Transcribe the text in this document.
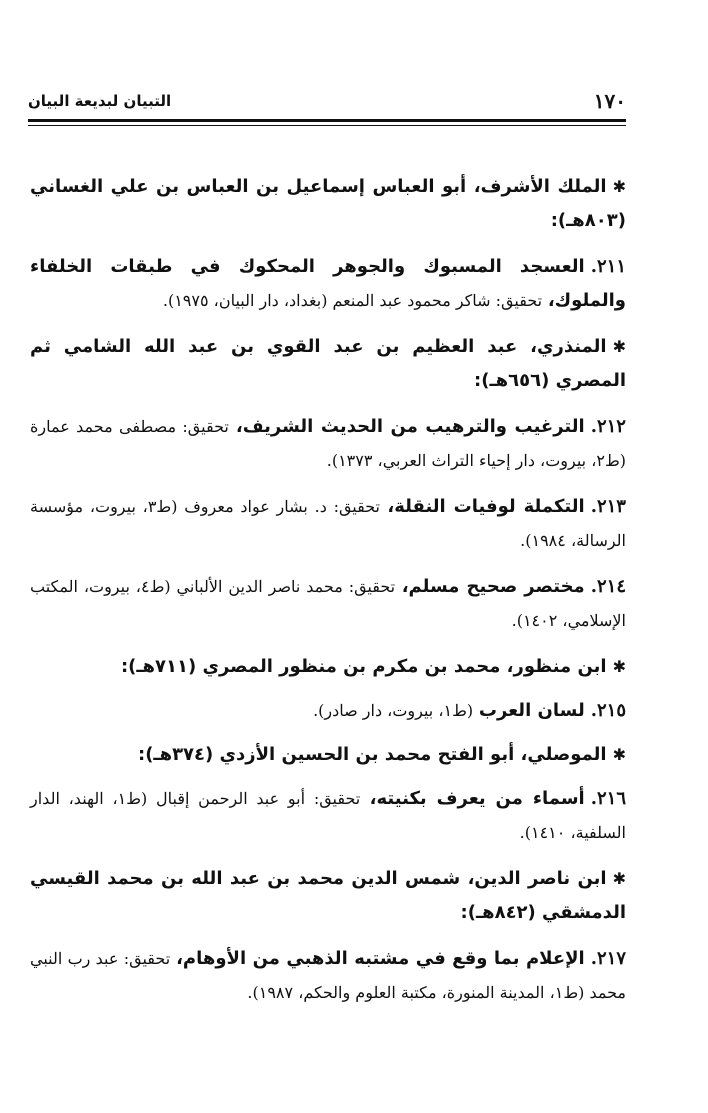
١٧٠
التبيان لبديعة البيان
✱الملك الأشرف، أبو العباس إسماعيل بن العباس بن علي الغساني (٨٠٣هـ):
٢١١.العسجد المسبوك والجوهر المحكوك في طبقات الخلفاء والملوك، تحقيق: شاكر محمود عبد المنعم (بغداد، دار البيان، ١٩٧٥).
✱المنذري، عبد العظيم بن عبد القوي بن عبد الله الشامي ثم المصري (٦٥٦هـ):
٢١٢.الترغيب والترهيب من الحديث الشريف، تحقيق: مصطفى محمد عمارة (ط٢، بيروت، دار إحياء التراث العربي، ١٣٧٣).
٢١٣.التكملة لوفيات النقلة، تحقيق: د. بشار عواد معروف (ط٣، بيروت، مؤسسة الرسالة، ١٩٨٤).
٢١٤.مختصر صحيح مسلم، تحقيق: محمد ناصر الدين الألباني (ط٤، بيروت، المكتب الإسلامي، ١٤٠٢).
✱ابن منظور، محمد بن مكرم بن منظور المصري (٧١١هـ):
٢١٥.لسان العرب (ط١، بيروت، دار صادر).
✱الموصلي، أبو الفتح محمد بن الحسين الأزدي (٣٧٤هـ):
٢١٦.أسماء من يعرف بكنيته، تحقيق: أبو عبد الرحمن إقبال (ط١، الهند، الدار السلفية، ١٤١٠).
✱ابن ناصر الدين، شمس الدين محمد بن عبد الله بن محمد القيسي الدمشقي (٨٤٢هـ):
٢١٧.الإعلام بما وقع في مشتبه الذهبي من الأوهام، تحقيق: عبد رب النبي محمد (ط١، المدينة المنورة، مكتبة العلوم والحكم، ١٩٨٧).
